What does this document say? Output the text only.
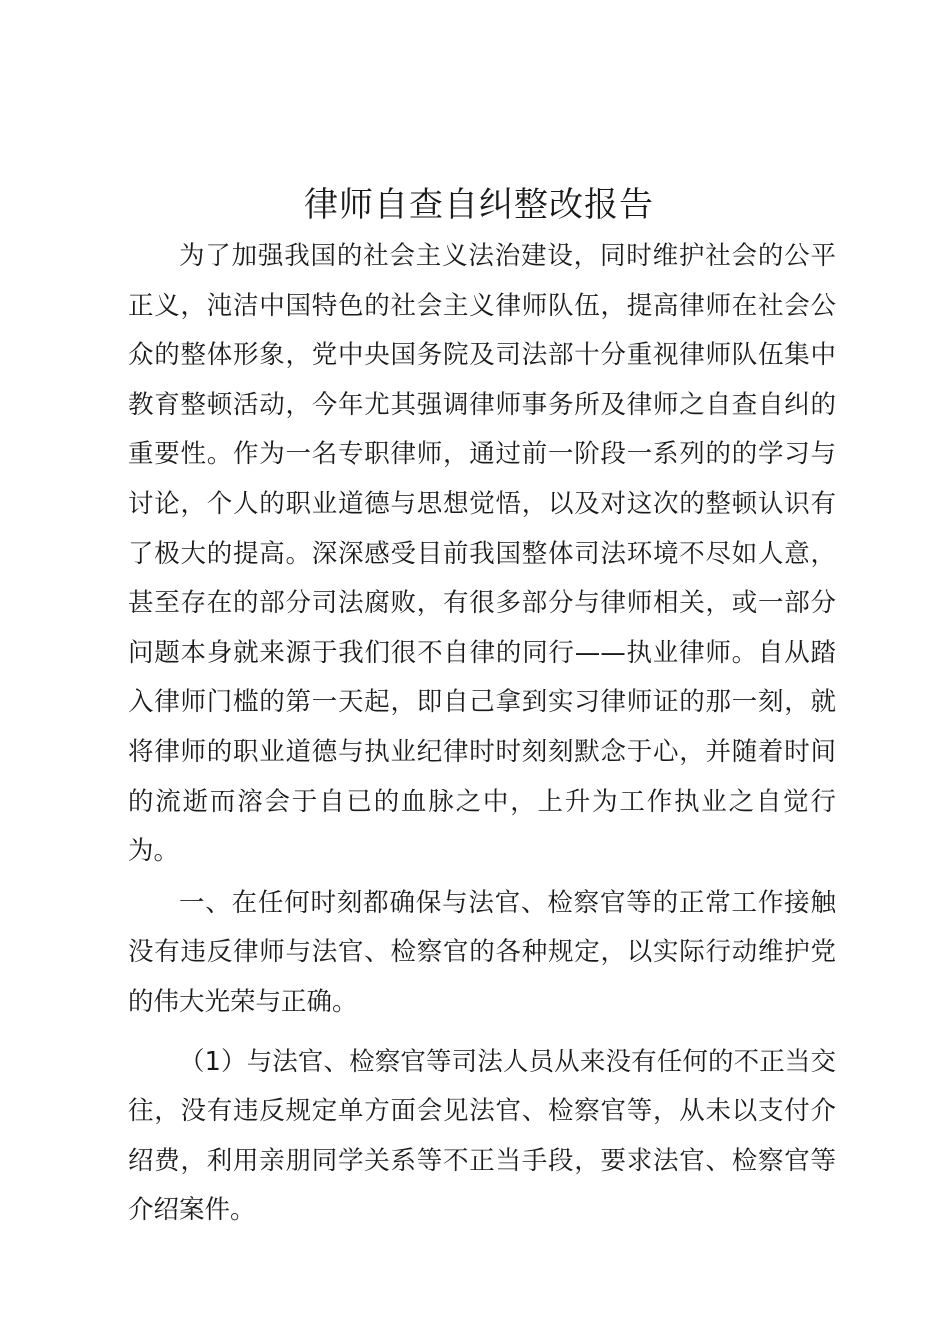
律师自查自纠整改报告

为了加强我国的社会主义法治建设，同时维护社会的公平正义，沌洁中国特色的社会主义律师队伍，提高律师在社会公众的整体形象，党中央国务院及司法部十分重视律师队伍集中教育整顿活动，今年尤其强调律师事务所及律师之自查自纠的重要性。作为一名专职律师，通过前一阶段一系列的的学习与讨论，个人的职业道德与思想觉悟，以及对这次的整顿认识有了极大的提高。深深感受目前我国整体司法环境不尽如人意，甚至存在的部分司法腐败，有很多部分与律师相关，或一部分问题本身就来源于我们很不自律的同行——执业律师。自从踏入律师门槛的第一天起，即自己拿到实习律师证的那一刻，就将律师的职业道德与执业纪律时时刻刻默念于心，并随着时间的流逝而溶会于自已的血脉之中，上升为工作执业之自觉行为。

一、在任何时刻都确保与法官、检察官等的正常工作接触没有违反律师与法官、检察官的各种规定，以实际行动维护党的伟大光荣与正确。

（1）与法官、检察官等司法人员从来没有任何的不正当交往，没有违反规定单方面会见法官、检察官等，从未以支付介绍费，利用亲朋同学关系等不正当手段，要求法官、检察官等介绍案件。
